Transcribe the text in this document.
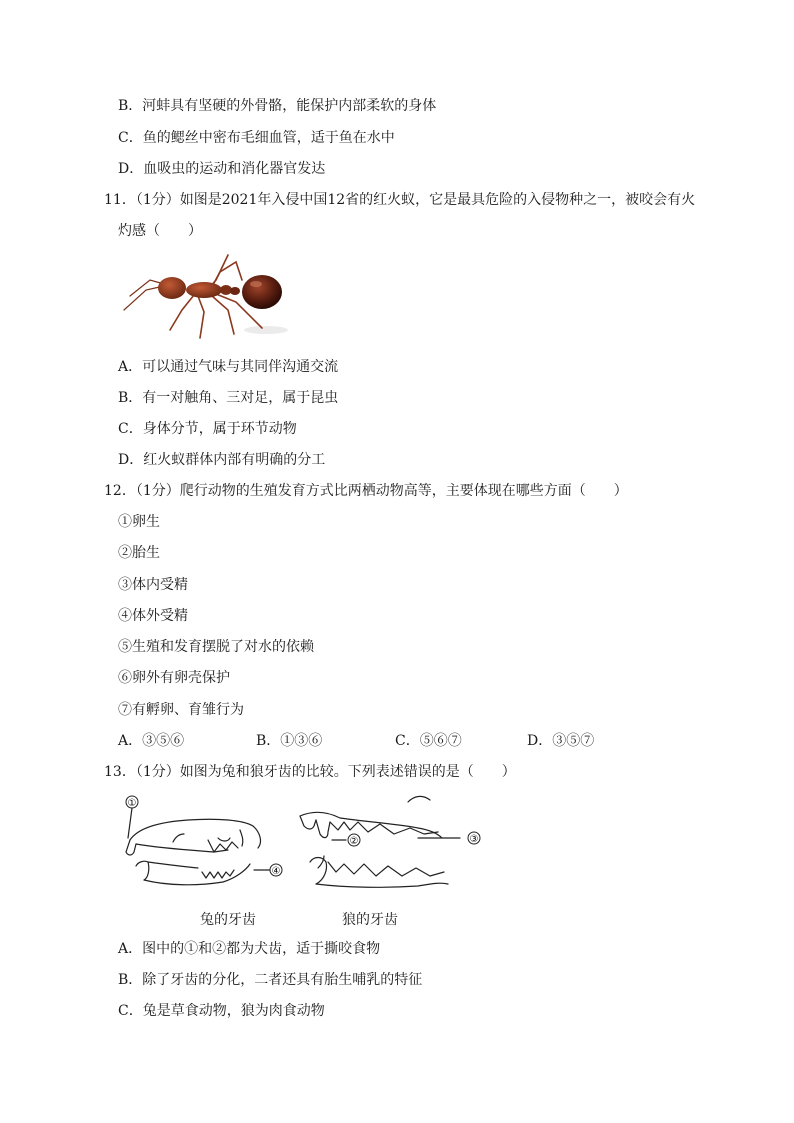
B．河蚌具有坚硬的外骨骼，能保护内部柔软的身体
C．鱼的鳃丝中密布毛细血管，适于鱼在水中
D．血吸虫的运动和消化器官发达
11．（1分）如图是2021年入侵中国12省的红火蚁，它是最具危险的入侵物种之一，被咬会有火
灼感（　　）
A．可以通过气味与其同伴沟通交流
B．有一对触角、三对足，属于昆虫
C．身体分节，属于环节动物
D．红火蚁群体内部有明确的分工
12．（1分）爬行动物的生殖发育方式比两栖动物高等，主要体现在哪些方面（　　）
①卵生
②胎生
③体内受精
④体外受精
⑤生殖和发育摆脱了对水的依赖
⑥卵外有卵壳保护
⑦有孵卵、育雏行为
A．③⑤⑥	B．①③⑥	C．⑤⑥⑦	D．③⑤⑦
13．（1分）如图为兔和狼牙齿的比较。下列表述错误的是（　　）
①
④
②	③
兔的牙齿	狼的牙齿
A．图中的①和②都为犬齿，适于撕咬食物
B．除了牙齿的分化，二者还具有胎生哺乳的特征
C．兔是草食动物，狼为肉食动物
